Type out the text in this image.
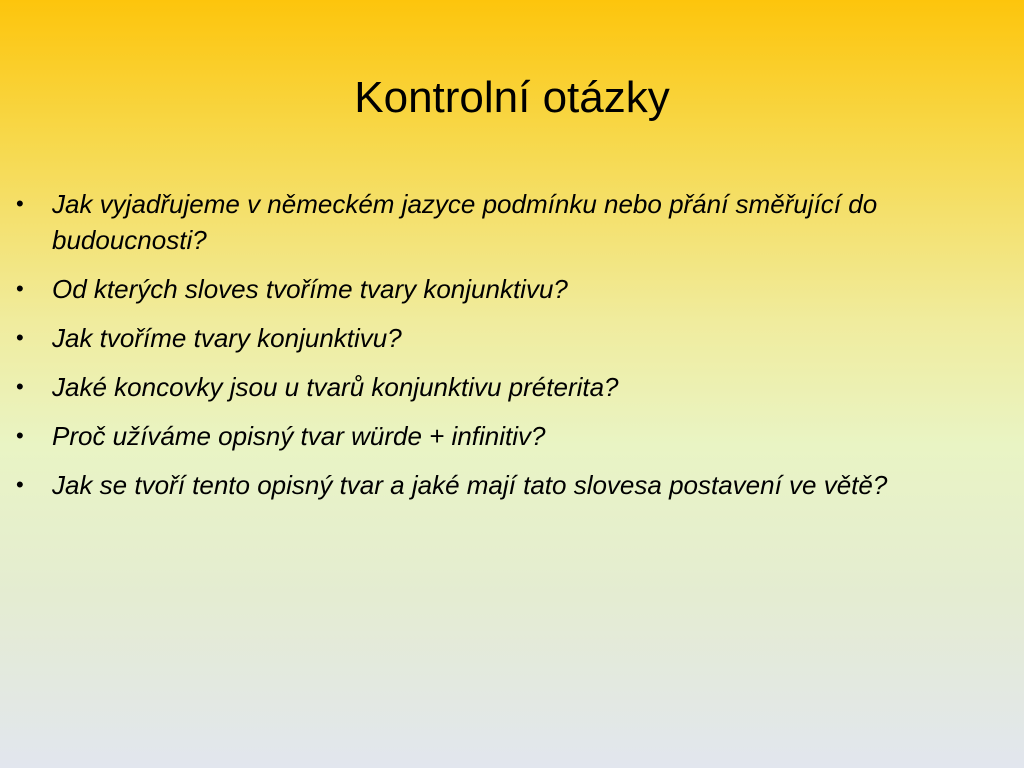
Kontrolní otázky
•	Jak vyjadřujeme v německém jazyce podmínku nebo přání směřující do budoucnosti?
•	Od kterých sloves tvoříme tvary konjunktivu?
•	Jak tvoříme tvary konjunktivu?
•	Jaké koncovky jsou u tvarů konjunktivu préterita?
•	Proč užíváme opisný tvar würde + infinitiv?
•	Jak se tvoří tento opisný tvar a jaké mají tato slovesa postavení ve větě?
